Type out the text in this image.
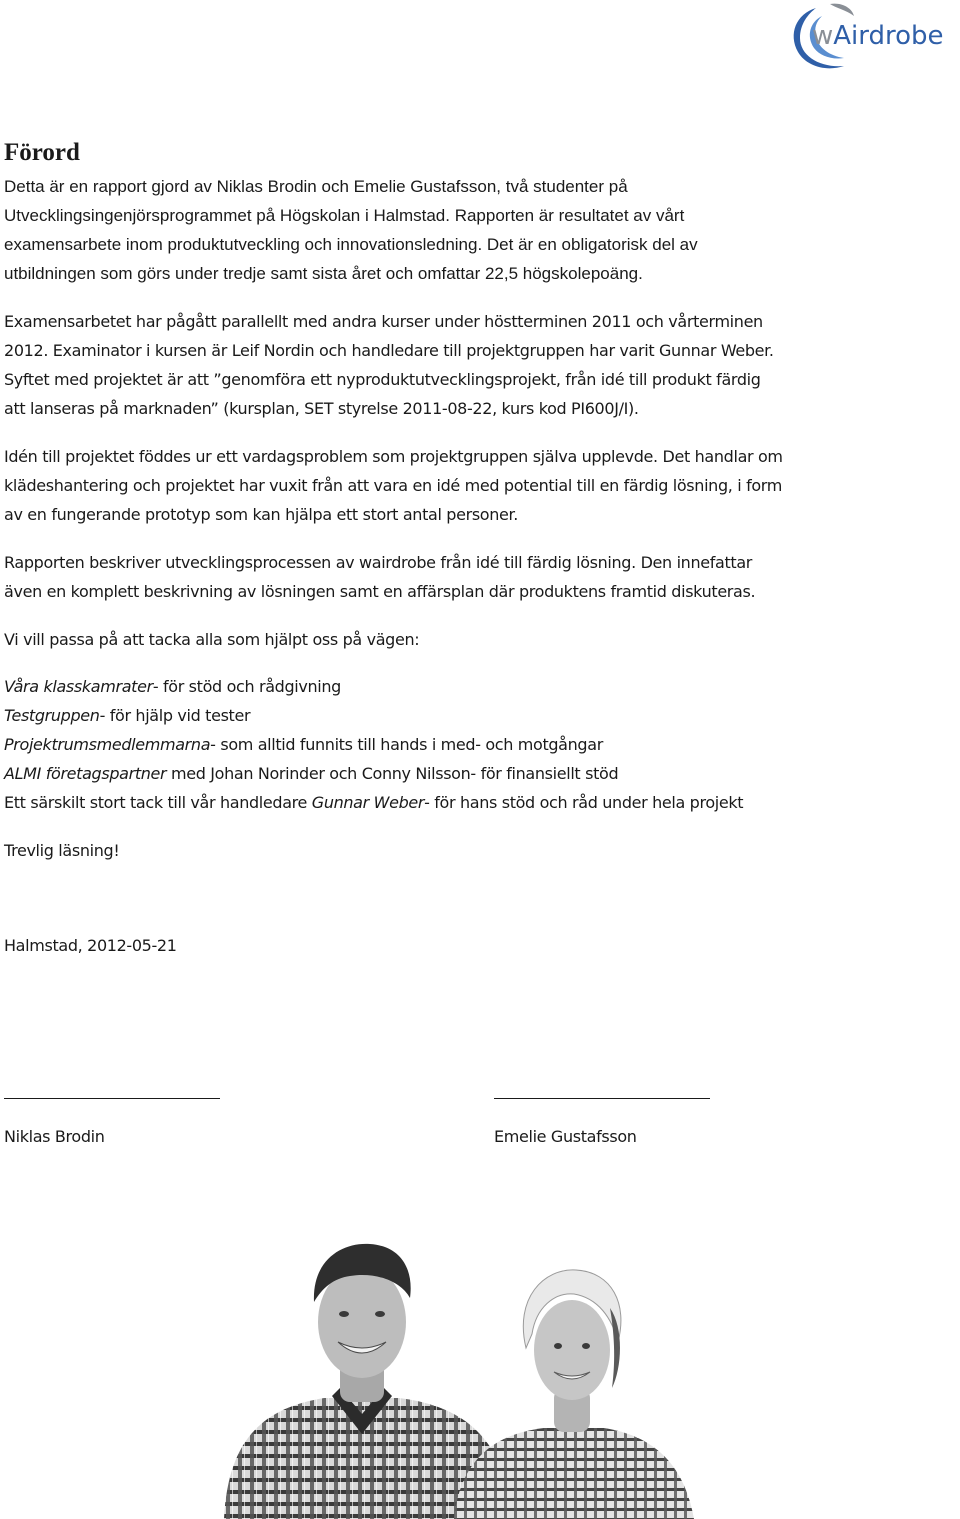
wAirdrobe
Förord

Detta är en rapport gjord av Niklas Brodin och Emelie Gustafsson, två studenter på
Utvecklingsingenjörsprogrammet på Högskolan i Halmstad. Rapporten är resultatet av vårt
examensarbete inom produktutveckling och innovationsledning. Det är en obligatorisk del av
utbildningen som görs under tredje samt sista året och omfattar 22,5 högskolepoäng.

Examensarbetet har pågått parallellt med andra kurser under höstterminen 2011 och vårterminen
2012. Examinator i kursen är Leif Nordin och handledare till projektgruppen har varit Gunnar Weber.
Syftet med projektet är att ”genomföra ett nyproduktutvecklingsprojekt, från idé till produkt färdig
att lanseras på marknaden” (kursplan, SET styrelse 2011-08-22, kurs kod PI600J/I).

Idén till projektet föddes ur ett vardagsproblem som projektgruppen själva upplevde. Det handlar om
klädeshantering och projektet har vuxit från att vara en idé med potential till en färdig lösning, i form
av en fungerande prototyp som kan hjälpa ett stort antal personer.

Rapporten beskriver utvecklingsprocessen av wairdrobe från idé till färdig lösning. Den innefattar
även en komplett beskrivning av lösningen samt en affärsplan där produktens framtid diskuteras.

Vi vill passa på att tacka alla som hjälpt oss på vägen:

Våra klasskamrater- för stöd och rådgivning
Testgruppen- för hjälp vid tester
Projektrumsmedlemmarna- som alltid funnits till hands i med- och motgångar
ALMI företagspartner med Johan Norinder och Conny Nilsson- för finansiellt stöd
Ett särskilt stort tack till vår handledare Gunnar Weber- för hans stöd och råd under hela projekt

Trevlig läsning!

Halmstad, 2012-05-21

Niklas Brodin	Emelie Gustafsson
